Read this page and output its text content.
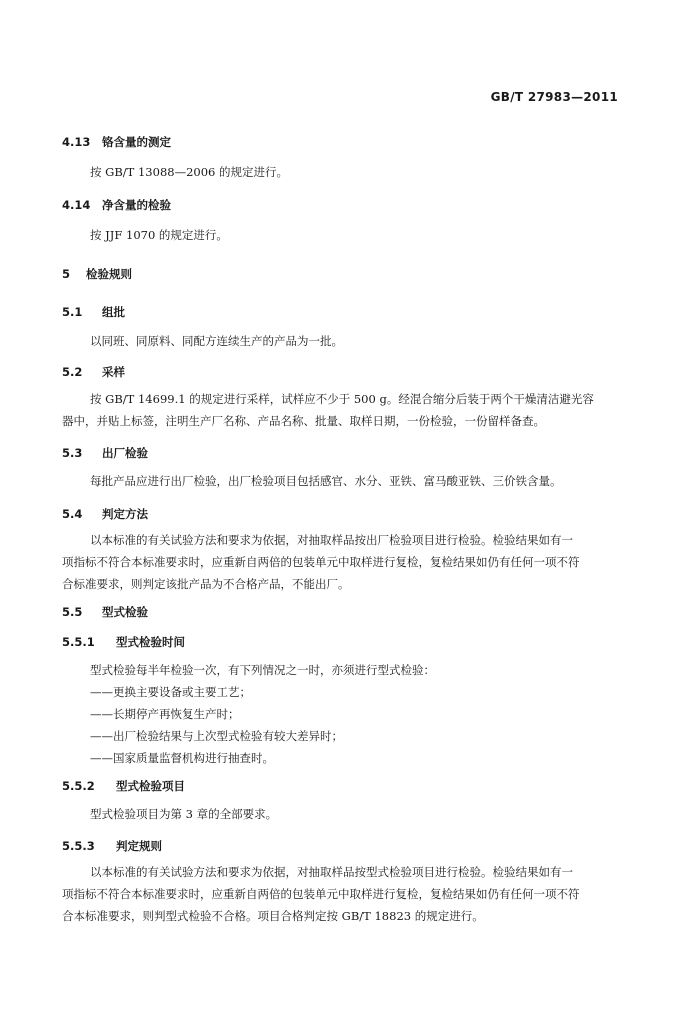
GB/T 27983—2011
4.13 铬含量的测定
按 GB/T 13088—2006 的规定进行。
4.14 净含量的检验
按 JJF 1070 的规定进行。
5 检验规则
5.1 组批
以同班、同原料、同配方连续生产的产品为一批。
5.2 采样
按 GB/T 14699.1 的规定进行采样，试样应不少于 500 g。经混合缩分后装于两个干燥清洁避光容
器中，并贴上标签，注明生产厂名称、产品名称、批量、取样日期，一份检验，一份留样备查。
5.3 出厂检验
每批产品应进行出厂检验，出厂检验项目包括感官、水分、亚铁、富马酸亚铁、三价铁含量。
5.4 判定方法
以本标准的有关试验方法和要求为依据，对抽取样品按出厂检验项目进行检验。检验结果如有一
项指标不符合本标准要求时，应重新自两倍的包装单元中取样进行复检，复检结果如仍有任何一项不符
合标准要求，则判定该批产品为不合格产品，不能出厂。
5.5 型式检验
5.5.1 型式检验时间
型式检验每半年检验一次，有下列情况之一时，亦须进行型式检验：
——更换主要设备或主要工艺；
——长期停产再恢复生产时；
——出厂检验结果与上次型式检验有较大差异时；
——国家质量监督机构进行抽查时。
5.5.2 型式检验项目
型式检验项目为第 3 章的全部要求。
5.5.3 判定规则
以本标准的有关试验方法和要求为依据，对抽取样品按型式检验项目进行检验。检验结果如有一
项指标不符合本标准要求时，应重新自两倍的包装单元中取样进行复检，复检结果如仍有任何一项不符
合本标准要求，则判型式检验不合格。项目合格判定按 GB/T 18823 的规定进行。
